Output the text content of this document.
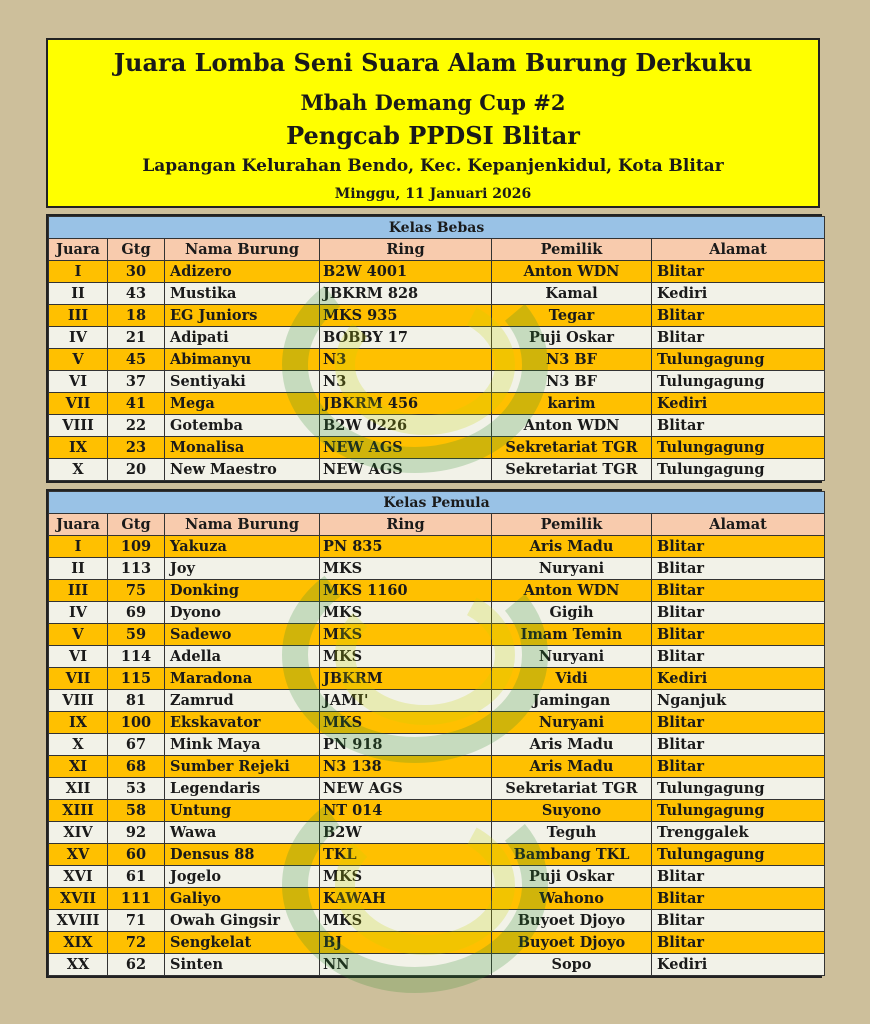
Juara Lomba Seni Suara Alam Burung Derkuku
Mbah Demang Cup #2
Pengcab PPDSI Blitar
Lapangan Kelurahan Bendo, Kec. Kepanjenkidul, Kota Blitar
Minggu, 11 Januari 2026
Kelas Bebas					
Juara	Gtg	Nama Burung	Ring	Pemilik	Alamat
I	30	Adizero	B2W 4001	Anton WDN	Blitar
II	43	Mustika	JBKRM 828	Kamal	Kediri
III	18	EG Juniors	MKS 935	Tegar	Blitar
IV	21	Adipati	BOBBY 17	Puji Oskar	Blitar
V	45	Abimanyu	N3	N3 BF	Tulungagung
VI	37	Sentiyaki	N3	N3 BF	Tulungagung
VII	41	Mega	JBKRM 456	karim	Kediri
VIII	22	Gotemba	B2W 0226	Anton WDN	Blitar
IX	23	Monalisa	NEW AGS	Sekretariat TGR	Tulungagung
X	20	New Maestro	NEW AGS	Sekretariat TGR	Tulungagung
Kelas Pemula					
Juara	Gtg	Nama Burung	Ring	Pemilik	Alamat
I	109	Yakuza	PN 835	Aris Madu	Blitar
II	113	Joy	MKS	Nuryani	Blitar
III	75	Donking	MKS 1160	Anton WDN	Blitar
IV	69	Dyono	MKS	Gigih	Blitar
V	59	Sadewo	MKS	Imam Temin	Blitar
VI	114	Adella	MKS	Nuryani	Blitar
VII	115	Maradona	JBKRM	Vidi	Kediri
VIII	81	Zamrud	JAMI'	Jamingan	Nganjuk
IX	100	Ekskavator	MKS	Nuryani	Blitar
X	67	Mink Maya	PN 918	Aris Madu	Blitar
XI	68	Sumber Rejeki	N3 138	Aris Madu	Blitar
XII	53	Legendaris	NEW AGS	Sekretariat TGR	Tulungagung
XIII	58	Untung	NT 014	Suyono	Tulungagung
XIV	92	Wawa	B2W	Teguh	Trenggalek
XV	60	Densus 88	TKL	Bambang TKL	Tulungagung
XVI	61	Jogelo	MKS	Puji Oskar	Blitar
XVII	111	Galiyo	KAWAH	Wahono	Blitar
XVIII	71	Owah Gingsir	MKS	Buyoet Djoyo	Blitar
XIX	72	Sengkelat	BJ	Buyoet Djoyo	Blitar
XX	62	Sinten	NN	Sopo	Kediri
